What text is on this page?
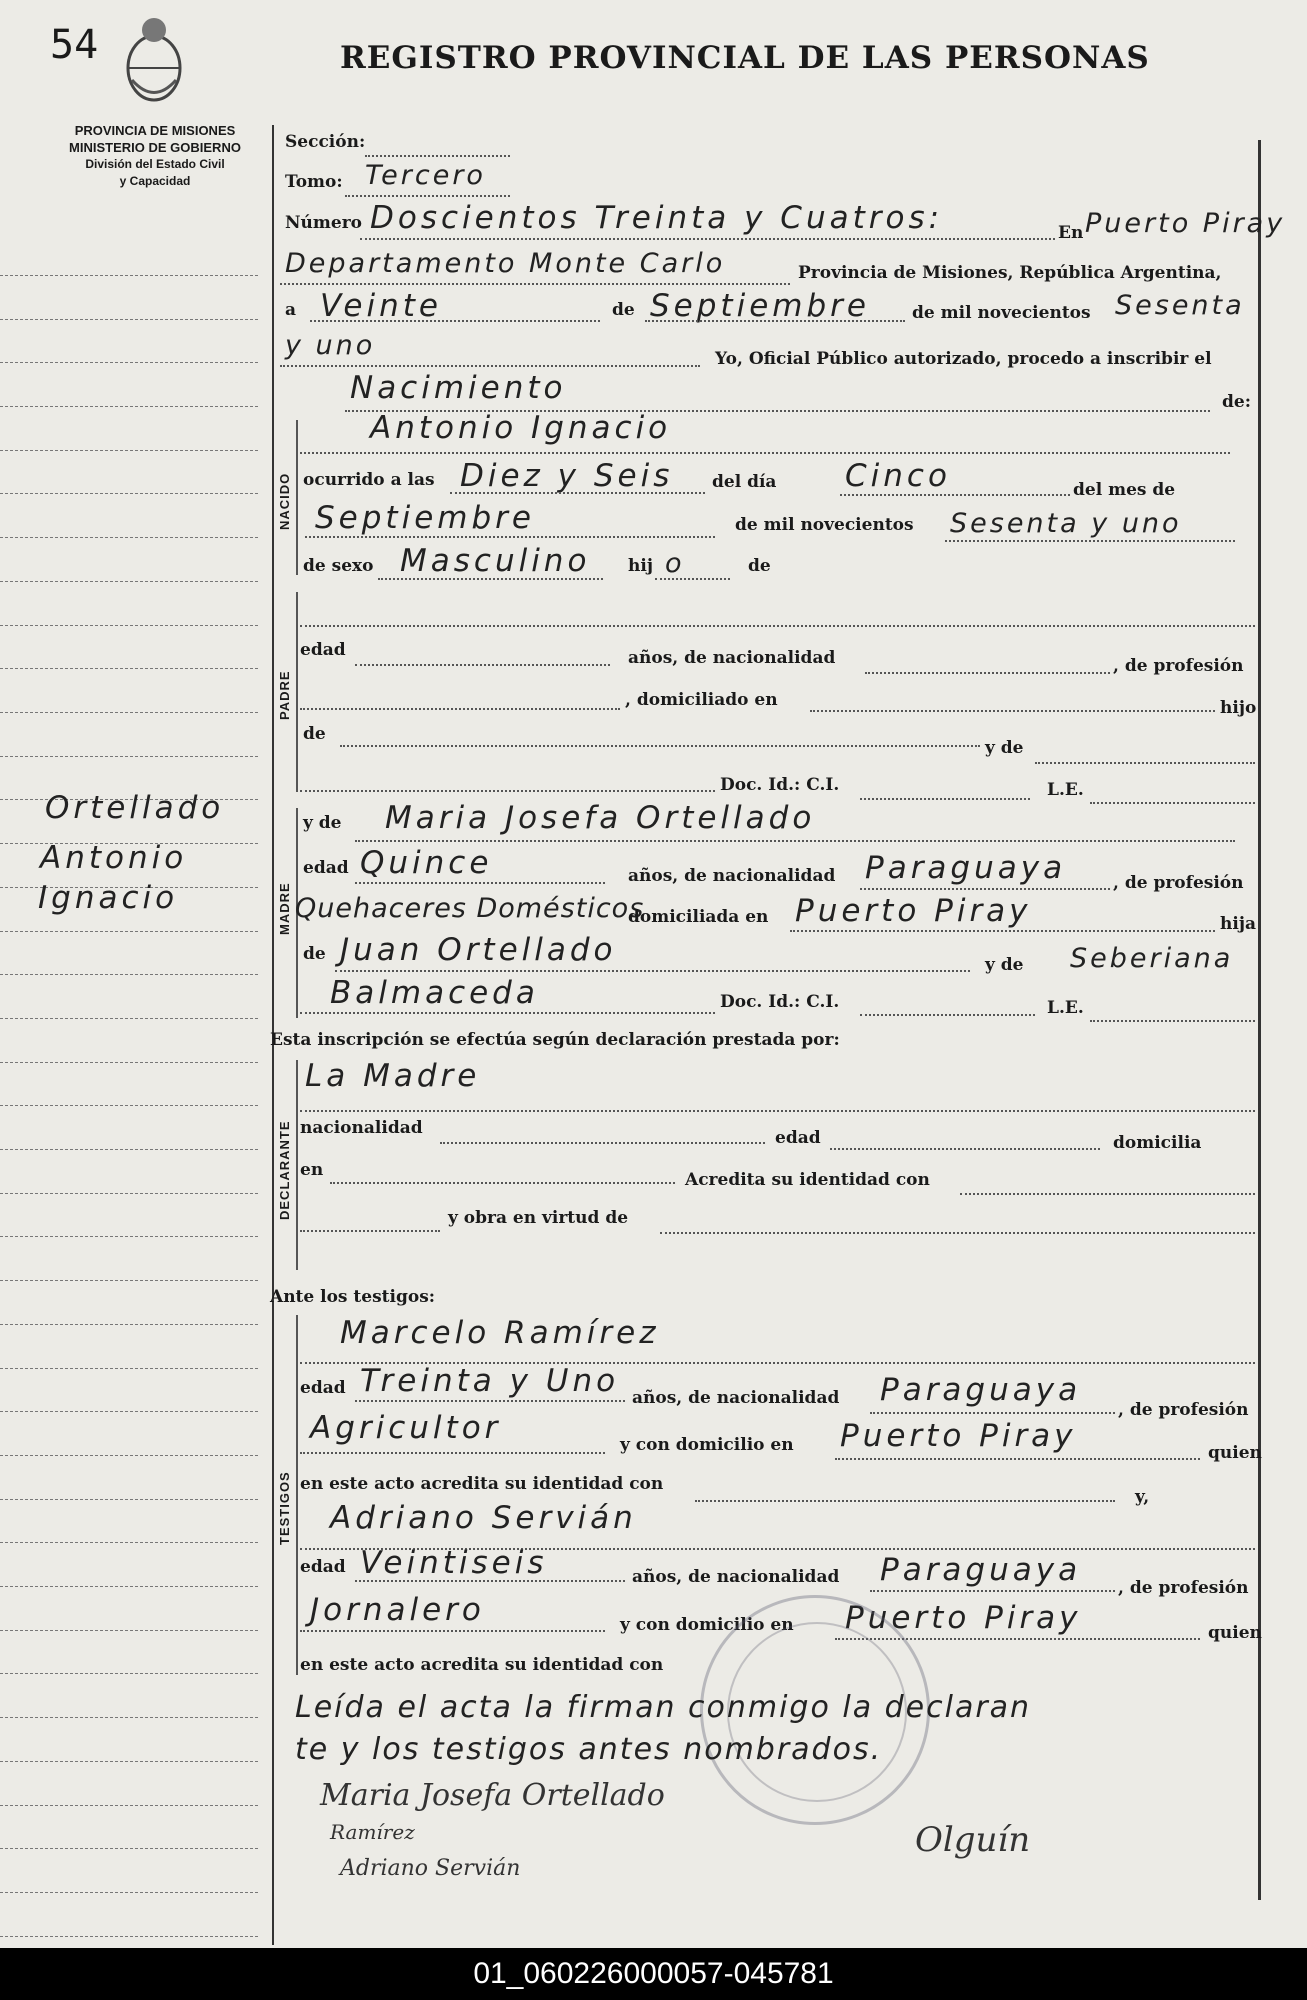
54	REGISTRO PROVINCIAL DE LAS PERSONAS
PROVINCIA DE MISIONES
MINISTERIO DE GOBIERNO
División del Estado Civil
y Capacidad
Ortellado
Antonio
Ignacio
Sección:
Tomo: Tercero
Número Doscientos Treinta y Cuatros:	En Puerto Piray
Departamento Monte Carlo	Provincia de Misiones, República Argentina,
a Veinte	de Septiembre de mil novecientos Sesenta
y uno	Yo, Oficial Público autorizado, procedo a inscribir el
Nacimiento	de:
NACIDO
Antonio Ignacio
ocurrido a las Diez y Seis del día Cinco	del mes de
Septiembre	de mil novecientos Sesenta y uno
de sexo Masculino hij o	de
PADRE
edad	años, de nacionalidad	, de profesión
, domiciliado en	hijo
de
y de
Doc. Id.: C.I.	L.E.
MADRE
y de Maria Josefa Ortellado
edad Quince	años, de nacionalidad Paraguaya	, de profesión
Quehaceres Domésticos
domiciliada en Puerto Piray	hija
de Juan Ortellado	y de Seberiana
Balmaceda	Doc. Id.: C.I.	L.E.
Esta inscripción se efectúa según declaración prestada por:
DECLARANTE
La Madre
nacionalidad	edad	domicilia
en	Acredita su identidad con
y obra en virtud de
Ante los testigos:
TESTIGOS
Marcelo Ramírez
edad Treinta y Uno años, de nacionalidad Paraguaya
, de profesión
Agricultor	y con domicilio en Puerto Piray	quien
en este acto acredita su identidad con
y,
Adriano Servián
edad Veintiseis	años, de nacionalidad Paraguaya , de profesión
Jornalero	y con domicilio en Puerto Piray	quien
en este acto acredita su identidad con
Leída el acta la firman conmigo la declaran
te y los testigos antes nombrados.
Maria Josefa Ortellado
Ramírez
Adriano Servián
Olguín
01_060226000057-045781
